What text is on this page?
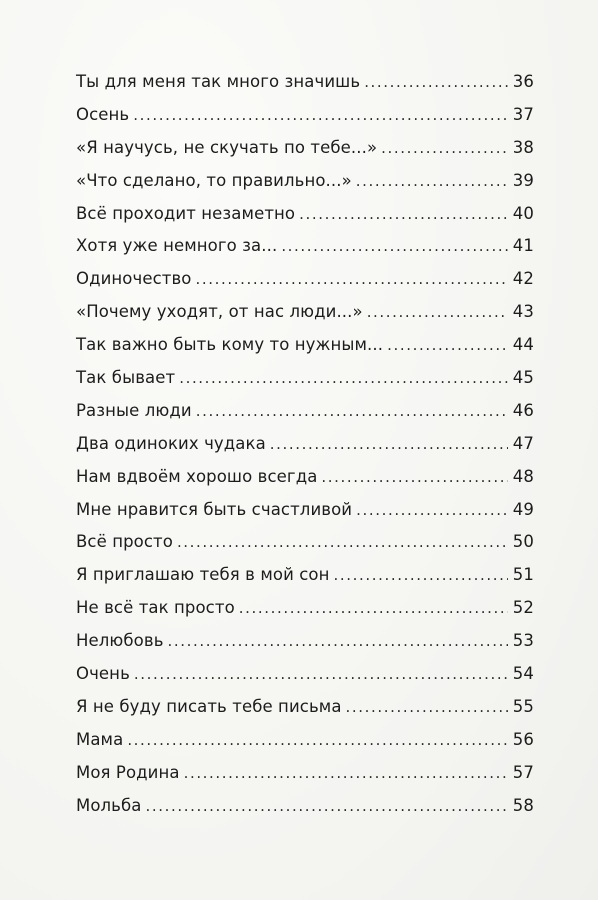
Ты для меня так много значишь .....	36
Осень .....	37
«Я научусь, не скучать по тебе...» .....	38
«Что сделано, то правильно...» .....	39
Всё проходит незаметно .....	40
Хотя уже немного за... .....	41
Одиночество .....	42
«Почему уходят, от нас люди...» .....	43
Так важно быть кому то нужным... .....	44
Так бывает .....	45
Разные люди .....	46
Два одиноких чудака .....	47
Нам вдвоём хорошо всегда .....	48
Мне нравится быть счастливой .....	49
Всё просто .....	50
Я приглашаю тебя в мой сон .....	51
Не всё так просто .....	52
Нелюбовь .....	53
Очень .....	54
Я не буду писать тебе письма .....	55
Мама .....	56
Моя Родина .....	57
Мольба .....	58
